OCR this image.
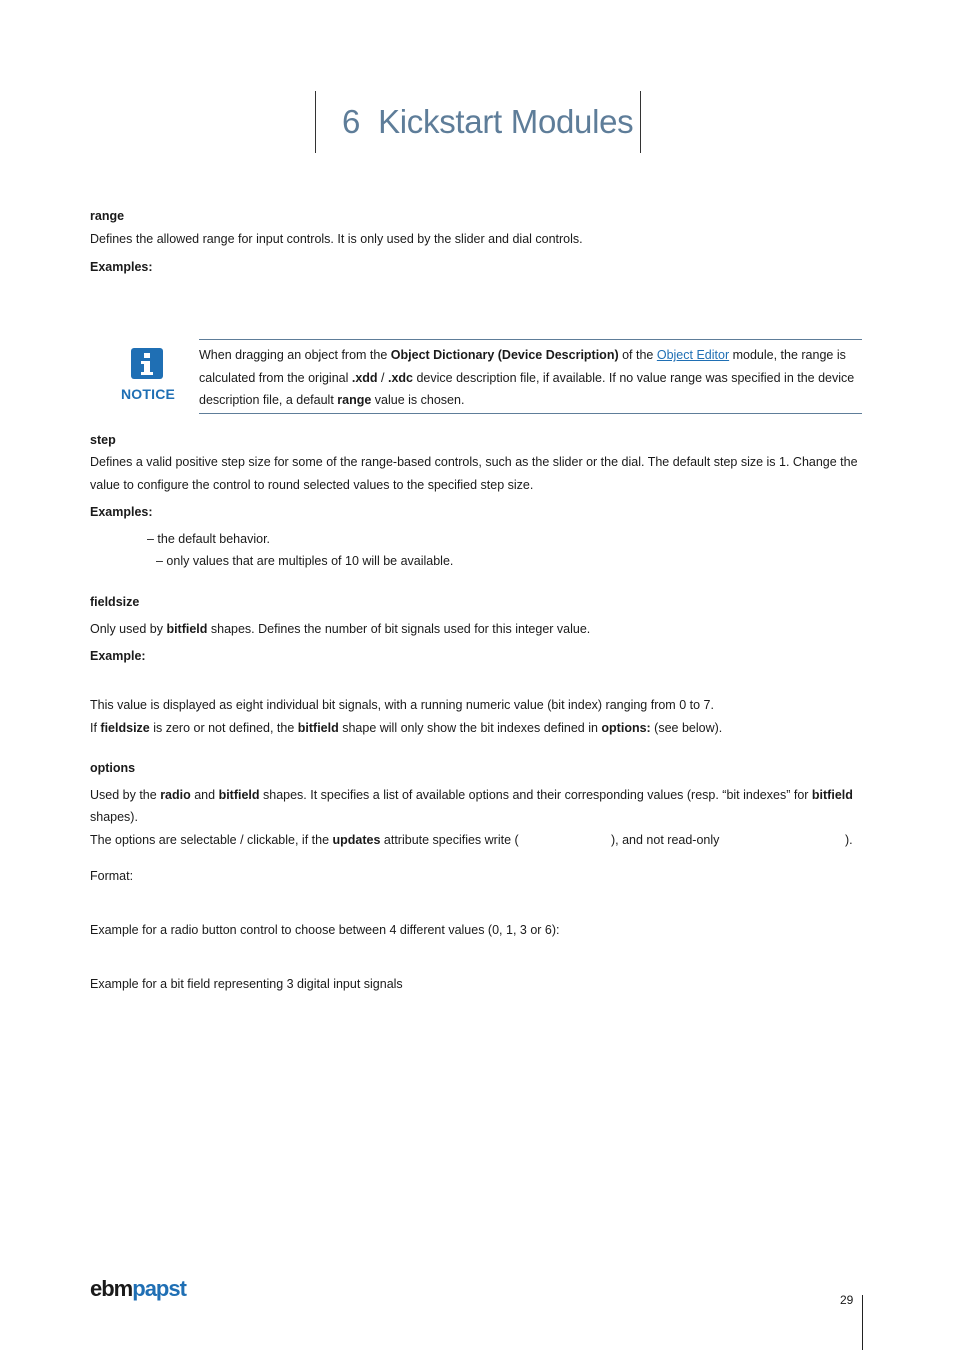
6 Kickstart Modules
range
Defines the allowed range for input controls. It is only used by the slider and dial controls.
Examples:
NOTICE
When dragging an object from the Object Dictionary (Device Description) of the Object Editor module, the range is
calculated from the original .xdd / .xdc device description file, if available. If no value range was specified in the device
description file, a default range value is chosen.
step
Defines a valid positive step size for some of the range-based controls, such as the slider or the dial. The default step size is 1. Change the
value to configure the control to round selected values to the specified step size.
Examples:
– the default behavior.
– only values that are multiples of 10 will be available.
fieldsize
Only used by bitfield shapes. Defines the number of bit signals used for this integer value.
Example:
This value is displayed as eight individual bit signals, with a running numeric value (bit index) ranging from 0 to 7.
If fieldsize is zero or not defined, the bitfield shape will only show the bit indexes defined in options: (see below).
options
Used by the radio and bitfield shapes. It specifies a list of available options and their corresponding values (resp. “bit indexes” for bitfield
shapes).
The options are selectable / clickable, if the updates attribute specifies write (	), and not read-only	).
Format:
Example for a radio button control to choose between 4 different values (0, 1, 3 or 6):
Example for a bit field representing 3 digital input signals
ebmpapst	29
